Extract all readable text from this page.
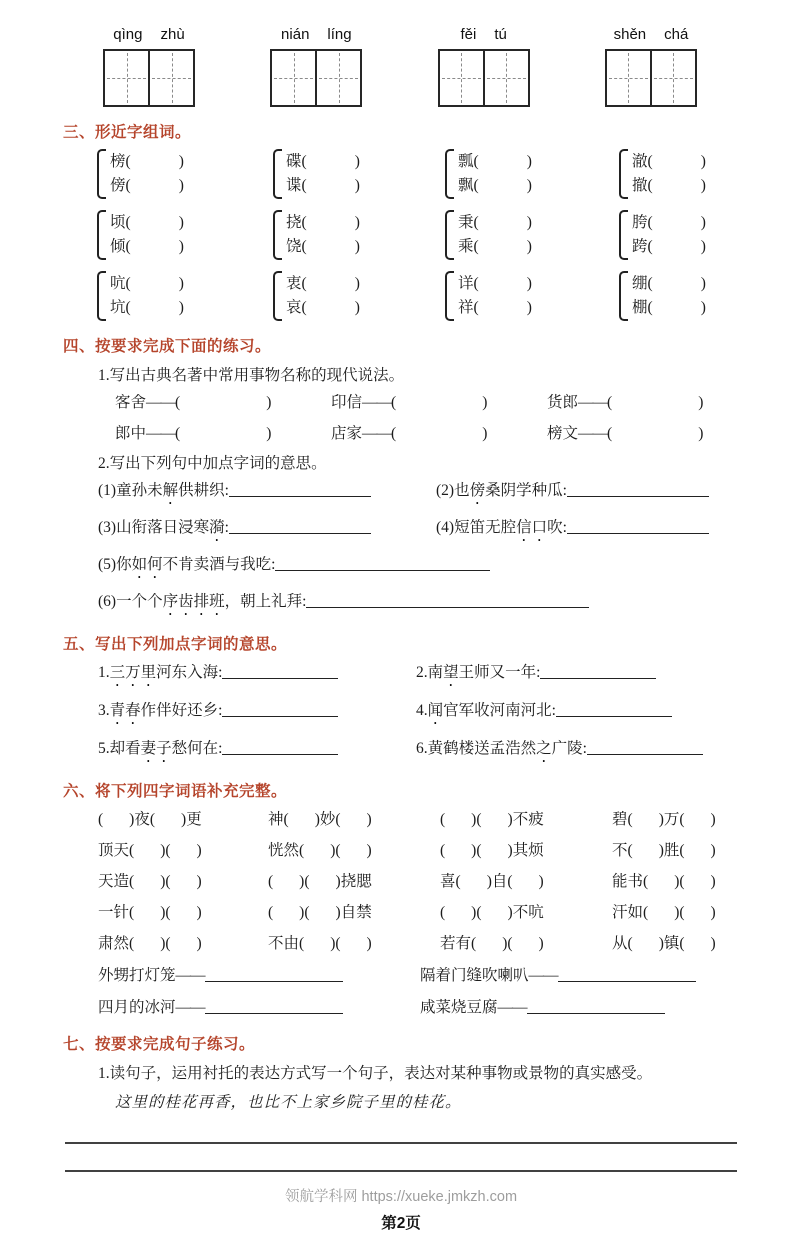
qìng zhù	nián líng	fěi tú	shěn chá
三、形近字组词。
榜(	)
傍(	)
碟(	)
谍(	)
瓢(	)
飘(	)
澈(	)
撤(	)
顷(	)
倾(	)
挠(	)
饶(	)
秉(	)
乘(	)
胯(	)
跨(	)
吭(	)
坑(	)
衷(	)
哀(	)
详(	)
祥(	)
绷(	)
棚(	)
四、按要求完成下面的练习。
1.写出古典名著中常用事物名称的现代说法。
客舍——(	)	印信——(	)	货郎——(	)
郎中——(	)	店家——(	)	榜文——(	)
2.写出下列句中加点字词的意思。
(1)童孙未解供耕织:	(2)也傍桑阴学种瓜:
(3)山衔落日浸寒漪:	(4)短笛无腔信口吹:
(5)你如何不肯卖酒与我吃:
(6)一个个序齿排班，朝上礼拜:
五、写出下列加点字词的意思。
1.三万里河东入海:	2.南望王师又一年:
3.青春作伴好还乡:	4.闻官军收河南河北:
5.却看妻子愁何在:	6.黄鹤楼送孟浩然之广陵:
六、将下列四字词语补充完整。
( )夜( )更	神( )妙( )	( )( )不疲	碧( )万( )
顶天( )( )	恍然( )( )	( )( )其烦	不( )胜( )
天造( )( )	( )( )挠腮	喜( )自( )	能书( )( )
一针( )( )	( )( )自禁	( )( )不吭	汗如( )( )
肃然( )( )	不由( )( )	若有( )( )	从( )镇( )
外甥打灯笼——	隔着门缝吹喇叭——
四月的冰河——	咸菜烧豆腐——
七、按要求完成句子练习。
1.读句子，运用衬托的表达方式写一个句子，表达对某种事物或景物的真实感受。
这里的桂花再香，也比不上家乡院子里的桂花。
领航学科网 https://xueke.jmkzh.com
第2页
